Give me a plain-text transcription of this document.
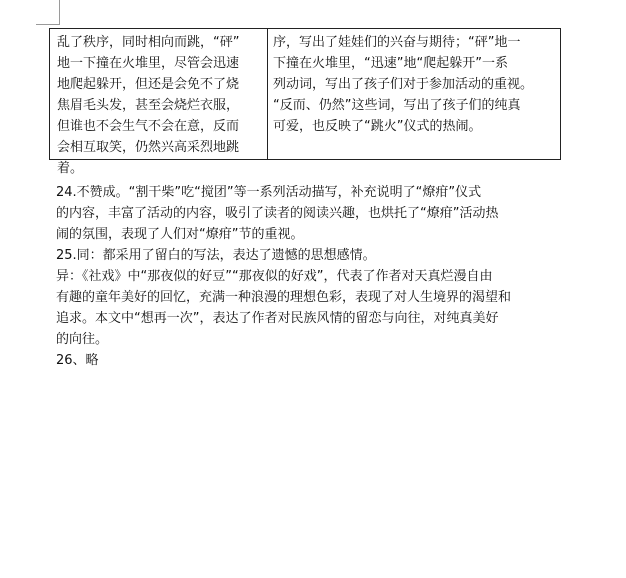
乱了秩序，同时相向而跳，“砰”
地一下撞在火堆里，尽管会迅速
地爬起躲开，但还是会免不了烧
焦眉毛头发，甚至会烧烂衣服，
但谁也不会生气不会在意，反而
会相互取笑，仍然兴高采烈地跳
着。
序，写出了娃娃们的兴奋与期待；“砰”地一
下撞在火堆里，“迅速”地“爬起躲开”一系
列动词，写出了孩子们对于参加活动的重视。
“反而、仍然”这些词，写出了孩子们的纯真
可爱，也反映了“跳火”仪式的热闹。
24.不赞成。“割干柴”吃“搅团”等一系列活动描写，补充说明了“燎疳”仪式
的内容，丰富了活动的内容，吸引了读者的阅读兴趣，也烘托了“燎疳”活动热
闹的氛围，表现了人们对“燎疳”节的重视。
25.同：都采用了留白的写法，表达了遗憾的思想感情。
异：《社戏》中“那夜似的好豆”“那夜似的好戏”，代表了作者对天真烂漫自由
有趣的童年美好的回忆，充满一种浪漫的理想色彩，表现了对人生境界的渴望和
追求。本文中“想再一次”，表达了作者对民族风情的留恋与向往，对纯真美好
的向往。
26、略
